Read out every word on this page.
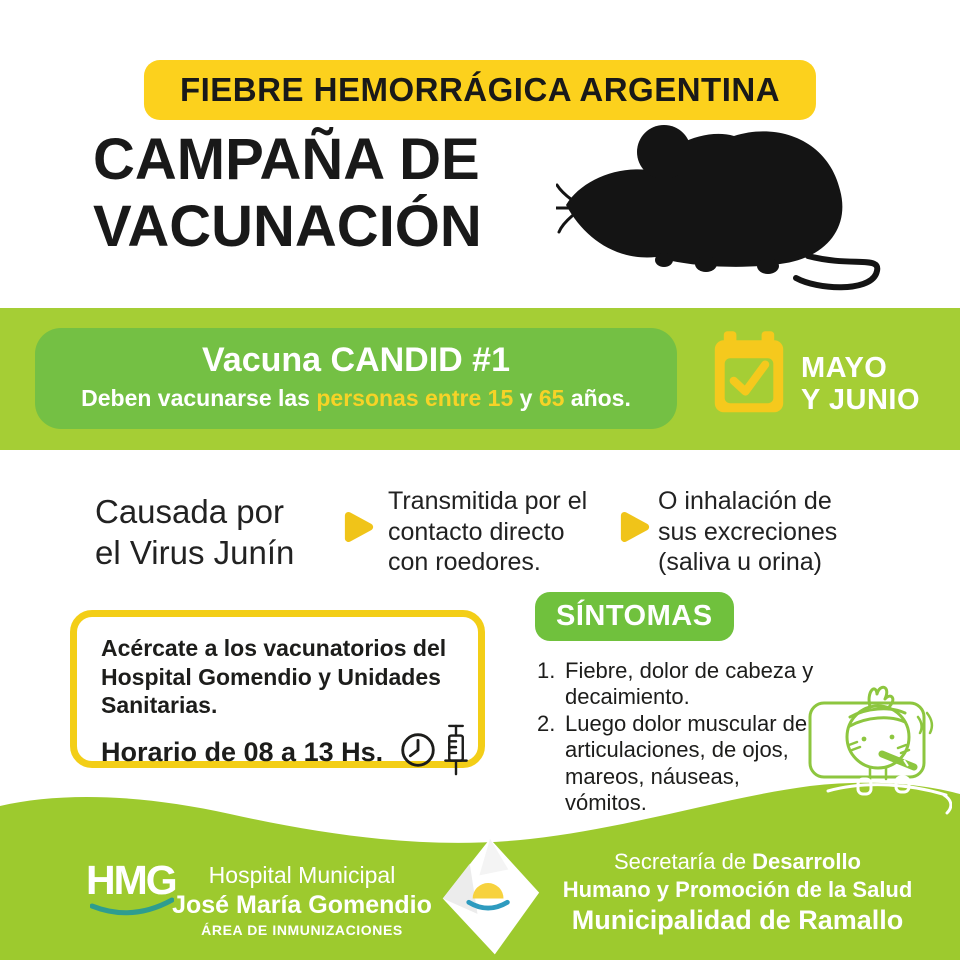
FIEBRE HEMORRÁGICA ARGENTINA
CAMPAÑA DE
VACUNACIÓN
Vacuna CANDID #1
Deben vacunarse las personas entre 15 y 65 años.
MAYO
Y JUNIO
Causada por
el Virus Junín
Transmitida por el
contacto directo
con roedores.
O inhalación de
sus excreciones
(saliva u orina)
Acércate a los vacunatorios del Hospital Gomendio y Unidades Sanitarias.
Horario de 08 a 13 Hs.
SÍNTOMAS
1. Fiebre, dolor de cabeza y decaimiento.
2. Luego dolor muscular de articulaciones, de ojos, mareos, náuseas, vómitos.
HMG	Hospital Municipal
José María Gomendio
ÁREA DE INMUNIZACIONES
Secretaría de Desarrollo
Humano y Promoción de la Salud
Municipalidad de Ramallo
